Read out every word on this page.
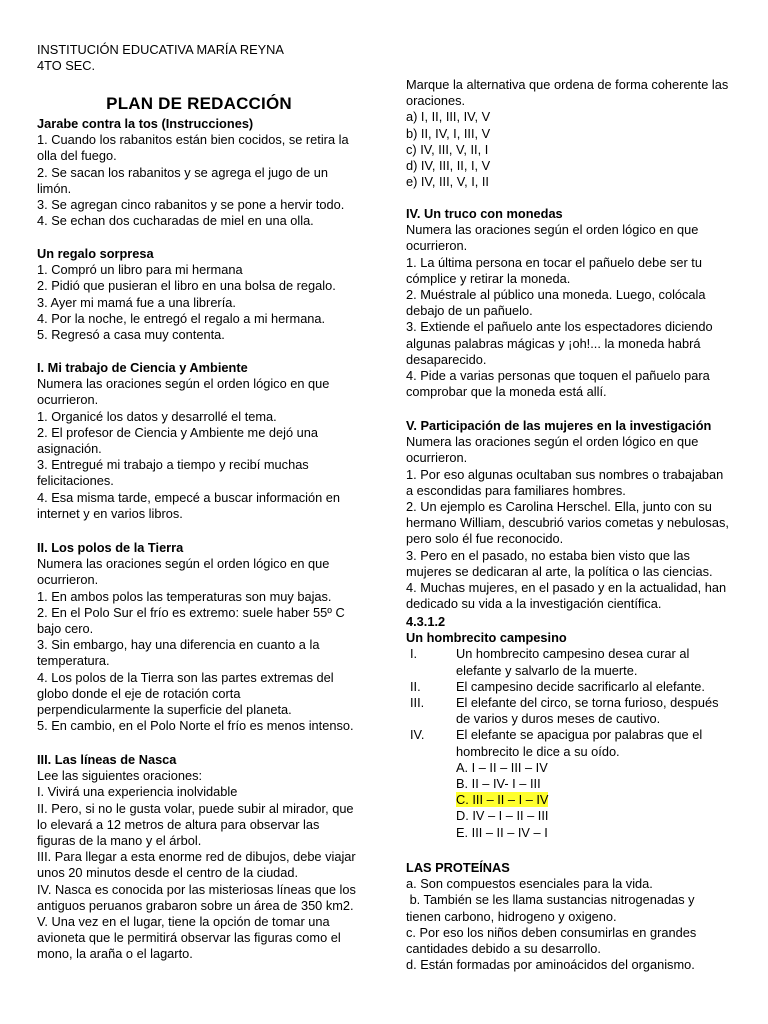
INSTITUCIÓN EDUCATIVA MARÍA REYNA

4TO SEC.

PLAN DE REDACCIÓN

Jarabe contra la tos (Instrucciones)

1. Cuando los rabanitos están bien cocidos, se retira la olla del fuego.

2. Se sacan los rabanitos y se agrega el jugo de un limón.

3. Se agregan cinco rabanitos y se pone a hervir todo.

4. Se echan dos cucharadas de miel en una olla.

Un regalo sorpresa

1. Compró un libro para mi hermana

2. Pidió que pusieran el libro en una bolsa de regalo.

3. Ayer mi mamá fue a una librería.

4. Por la noche, le entregó el regalo a mi hermana.

5. Regresó a casa muy contenta.

I. Mi trabajo de Ciencia y Ambiente

Numera las oraciones según el orden lógico en que ocurrieron.

1. Organicé los datos y desarrollé el tema.

2. El profesor de Ciencia y Ambiente me dejó una asignación.

3. Entregué mi trabajo a tiempo y recibí muchas felicitaciones.

4. Esa misma tarde, empecé a buscar información en internet y en varios libros.

II. Los polos de la Tierra

Numera las oraciones según el orden lógico en que ocurrieron.

1. En ambos polos las temperaturas son muy bajas.

2. En el Polo Sur el frío es extremo: suele haber 55º C bajo cero.

3. Sin embargo, hay una diferencia en cuanto a la temperatura.

4. Los polos de la Tierra son las partes extremas del globo donde el eje de rotación corta perpendicularmente la superficie del planeta.

5. En cambio, en el Polo Norte el frío es menos intenso.

III. Las líneas de Nasca

Lee las siguientes oraciones:

I. Vivirá una experiencia inolvidable

II. Pero, si no le gusta volar, puede subir al mirador, que lo elevará a 12 metros de altura para observar las figuras de la mano y el árbol.

III. Para llegar a esta enorme red de dibujos, debe viajar unos 20 minutos desde el centro de la ciudad.

IV. Nasca es conocida por las misteriosas líneas que los antiguos peruanos grabaron sobre un área de 350 km2.

V. Una vez en el lugar, tiene la opción de tomar una avioneta que le permitirá observar las figuras como el mono, la araña o el lagarto.

Marque la alternativa que ordena de forma coherente las oraciones.

a) I, II, III, IV, V

b) II, IV, I, III, V

c) IV, III, V, II, I

d) IV, III, II, I, V

e) IV, III, V, I, II

IV. Un truco con monedas

Numera las oraciones según el orden lógico en que ocurrieron.

1. La última persona en tocar el pañuelo debe ser tu cómplice y retirar la moneda.

2. Muéstrale al público una moneda. Luego, colócala debajo de un pañuelo.

3. Extiende el pañuelo ante los espectadores diciendo algunas palabras mágicas y ¡oh!... la moneda habrá desaparecido.

4. Pide a varias personas que toquen el pañuelo para comprobar que la moneda está allí.

V. Participación de las mujeres en la investigación

Numera las oraciones según el orden lógico en que ocurrieron.

1. Por eso algunas ocultaban sus nombres o trabajaban a escondidas para familiares hombres.

2. Un ejemplo es Carolina Herschel. Ella, junto con su hermano William, descubrió varios cometas y nebulosas, pero solo él fue reconocido.

3. Pero en el pasado, no estaba bien visto que las mujeres se dedicaran al arte, la política o las ciencias.

4. Muchas mujeres, en el pasado y en la actualidad, han dedicado su vida a la investigación científica.

4.3.1.2

Un hombrecito campesino

I.	Un hombrecito campesino desea curar al elefante y salvarlo de la muerte.
II.	El campesino decide sacrificarlo al elefante.
III.	El elefante del circo, se torna furioso, después de varios y duros meses de cautivo.
IV.	El elefante se apacigua por palabras que el hombrecito le dice a su oído.

A. I – II – III – IV

B. II – IV- I – III

C. III – II – I – IV

D. IV – I – II – III

E. III – II – IV – I

LAS PROTEÍNAS

a. Son compuestos esenciales para la vida.

b. También se les llama sustancias nitrogenadas y tienen carbono, hidrogeno y oxigeno.

c. Por eso los niños deben consumirlas en grandes cantidades debido a su desarrollo.

d. Están formadas por aminoácidos del organismo.
